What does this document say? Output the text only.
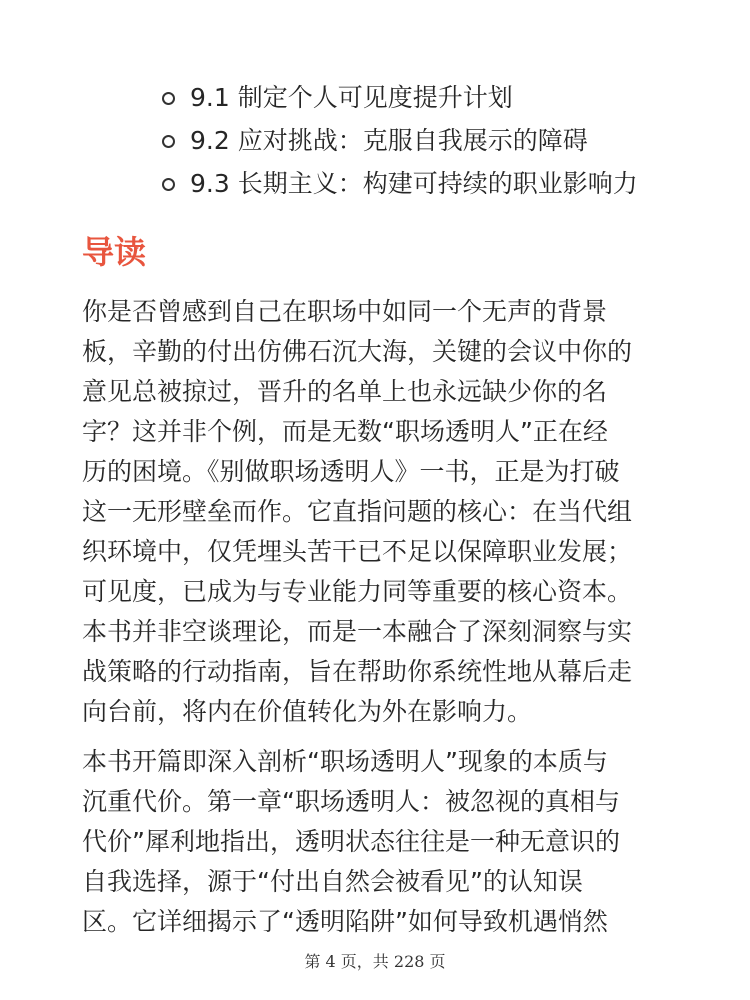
9.1 制定个人可见度提升计划
9.2 应对挑战：克服自我展示的障碍
9.3 长期主义：构建可持续的职业影响力
导读

你是否曾感到自己在职场中如同一个无声的背景
板，辛勤的付出仿佛石沉大海，关键的会议中你的
意见总被掠过，晋升的名单上也永远缺少你的名
字？这并非个例，而是无数“职场透明人”正在经
历的困境。《别做职场透明人》一书，正是为打破
这一无形壁垒而作。它直指问题的核心：在当代组
织环境中，仅凭埋头苦干已不足以保障职业发展；
可见度，已成为与专业能力同等重要的核心资本。
本书并非空谈理论，而是一本融合了深刻洞察与实
战策略的行动指南，旨在帮助你系统性地从幕后走
向台前，将内在价值转化为外在影响力。

本书开篇即深入剖析“职场透明人”现象的本质与
沉重代价。第一章“职场透明人：被忽视的真相与
代价”犀利地指出，透明状态往往是一种无意识的
自我选择，源于“付出自然会被看见”的认知误
区。它详细揭示了“透明陷阱”如何导致机遇悄然

第 4 页，共 228 页
